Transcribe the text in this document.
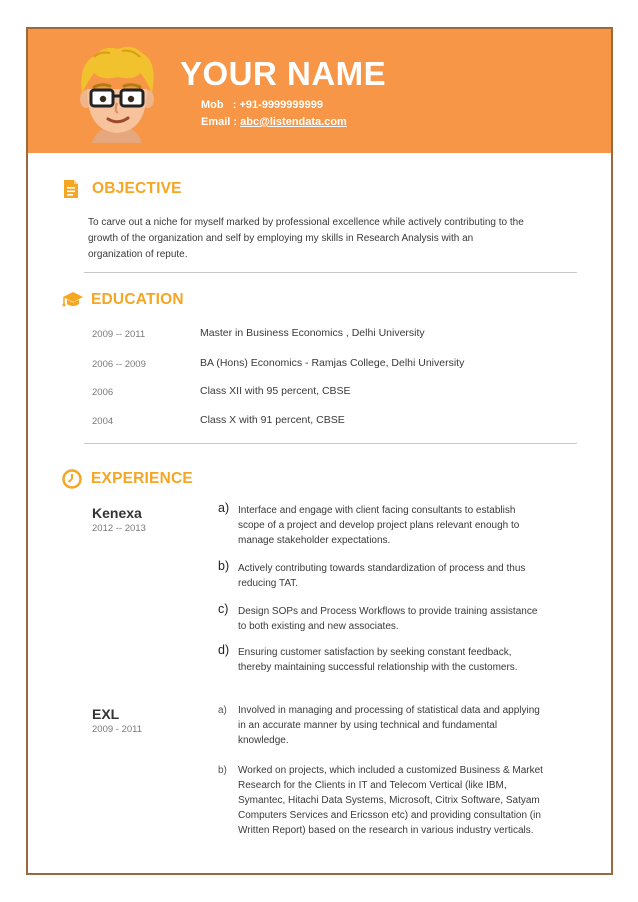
YOUR NAME
Mob : +91-9999999999
Email : abc@listendata.com
OBJECTIVE
To carve out a niche for myself marked by professional excellence while actively contributing to the
growth of the organization and self by employing my skills in Research Analysis with an
organization of repute.
EDUCATION
2009 -- 2011	Master in Business Economics , Delhi University
2006 -- 2009	BA (Hons) Economics - Ramjas College, Delhi University
2006	Class XII with 95 percent, CBSE
2004	Class X with 91 percent, CBSE
EXPERIENCE
Kenexa
2012 -- 2013
a) Interface and engage with client facing consultants to establish
scope of a project and develop project plans relevant enough to
manage stakeholder expectations.
b) Actively contributing towards standardization of process and thus
reducing TAT.
c) Design SOPs and Process Workflows to provide training assistance
to both existing and new associates.
d) Ensuring customer satisfaction by seeking constant feedback,
thereby maintaining successful relationship with the customers.
EXL
2009 - 2011
a) Involved in managing and processing of statistical data and applying
in an accurate manner by using technical and fundamental
knowledge.
b) Worked on projects, which included a customized Business & Market
Research for the Clients in IT and Telecom Vertical (like IBM,
Symantec, Hitachi Data Systems, Microsoft, Citrix Software, Satyam
Computers Services and Ericsson etc) and providing consultation (in
Written Report) based on the research in various industry verticals.
